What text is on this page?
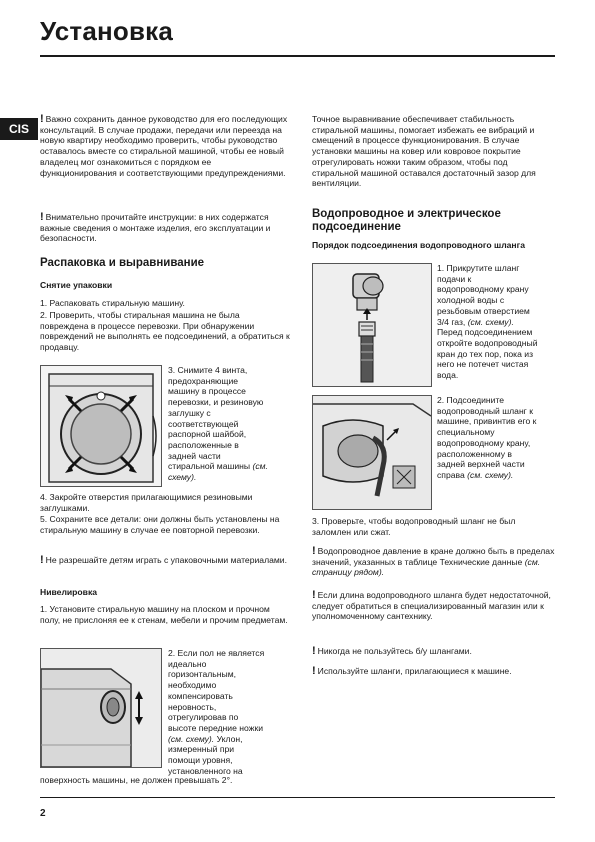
Установка
CIS

! Важно сохранить данное руководство для его последующих консультаций. В случае продажи, передачи или переезда на новую квартиру необходимо проверить, чтобы руководство оставалось вместе со стиральной машиной, чтобы ее новый владелец мог ознакомиться с порядком ее функционирования и соответствующими предупреждениями.

! Внимательно прочитайте инструкции: в них содержатся важные сведения о монтаже изделия, его эксплуатации и безопасности.

Распаковка и выравнивание
Снятие упаковки
1. Распаковать стиральную машину.
2. Проверить, чтобы стиральная машина не была повреждена в процессе перевозки. При обнаружении повреждений не выполнять ее подсоединений, а обратиться к продавцу.
3. Снимите 4 винта,
предохраняющие
машину в процессе
перевозки, и резиновую
заглушку с
соответствующей
распорной шайбой,
расположенные в
задней части
стиральной машины (см. схему).
4. Закройте отверстия прилагающимися резиновыми заглушками.
5. Сохраните все детали: они должны быть установлены на стиральную машину в случае ее повторной перевозки.

! Не разрешайте детям играть с упаковочными материалами.

Нивелировка
1. Установите стиральную машину на плоском и прочном полу, не прислоняя ее к стенам, мебели и прочим предметам.
2. Если пол не является
идеально
горизонтальным,
необходимо
компенсировать
неровность,
отрегулировав по
высоте передние ножки
(см. схему). Уклон,
измеренный при
помощи уровня,
установленного на
поверхность машины, не должен превышать 2°.
Точное выравнивание обеспечивает стабильность стиральной машины, помогает избежать ее вибраций и смещений в процессе функционирования. В случае установки машины на ковер или ковровое покрытие отрегулировать ножки таким образом, чтобы под стиральной машиной оставался достаточный зазор для вентиляции.
Водопроводное и электрическое подсоединение
Порядок подсоединения водопроводного шланга
1. Прикрутите шланг
подачи к
водопроводному крану
холодной воды с
резьбовым отверстием
3/4 газ, (см. схему).
Перед подсоединением
откройте водопроводный
кран до тех пор, пока из
него не потечет чистая
вода.
2. Подсоедините
водопроводный шланг к
машине, привинтив его к
специальному
водопроводному крану,
расположенному в
задней верхней части
справа (см. схему).
3. Проверьте, чтобы водопроводный шланг не был заломлен или сжат.

! Водопроводное давление в кране должно быть в пределах значений, указанных в таблице Технические данные (см. страницу рядом).

! Если длина водопроводного шланга будет недостаточной, следует обратиться в специализированный магазин или к уполномоченному сантехнику.

! Никогда не пользуйтесь б/у шлангами.

! Используйте шланги, прилагающиеся к машине.

2
